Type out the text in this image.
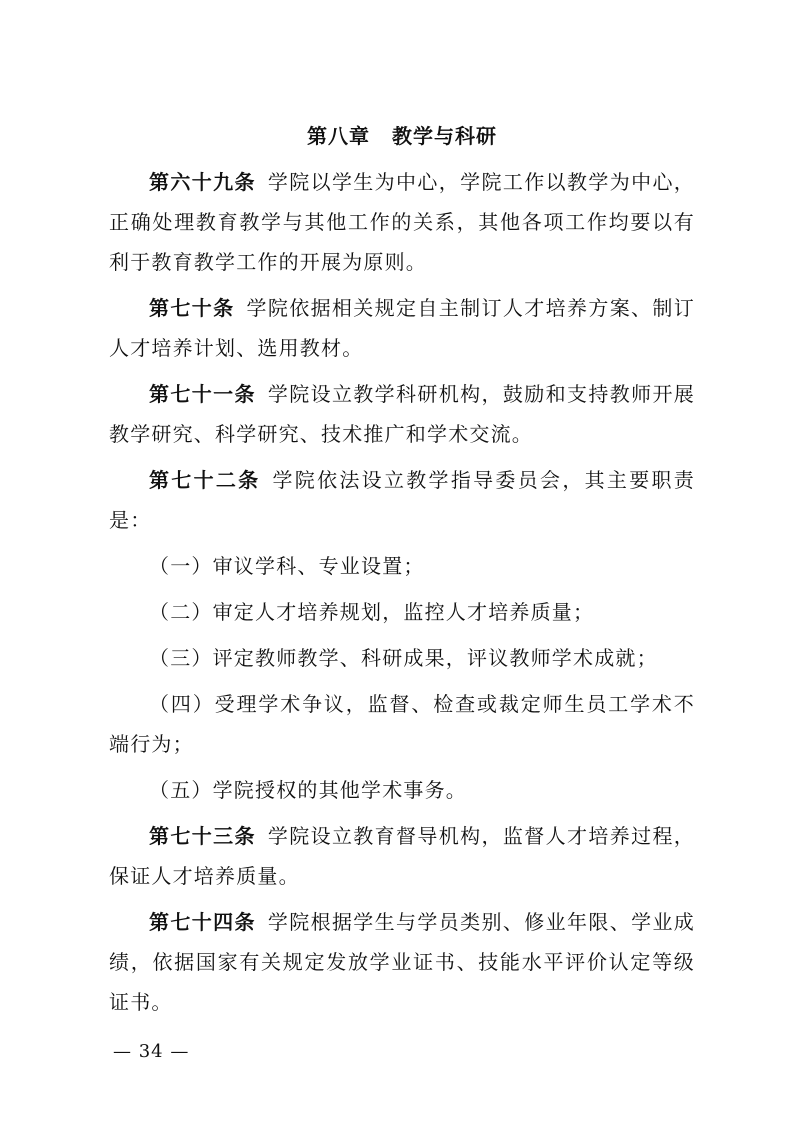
第八章 教学与科研

第六十九条 学院以学生为中心，学院工作以教学为中心，正确处理教育教学与其他工作的关系，其他各项工作均要以有利于教育教学工作的开展为原则。

第七十条 学院依据相关规定自主制订人才培养方案、制订人才培养计划、选用教材。

第七十一条 学院设立教学科研机构，鼓励和支持教师开展教学研究、科学研究、技术推广和学术交流。

第七十二条 学院依法设立教学指导委员会，其主要职责是：

（一）审议学科、专业设置；

（二）审定人才培养规划，监控人才培养质量；

（三）评定教师教学、科研成果，评议教师学术成就；

（四）受理学术争议，监督、检查或裁定师生员工学术不端行为；

（五）学院授权的其他学术事务。

第七十三条 学院设立教育督导机构，监督人才培养过程，保证人才培养质量。

第七十四条 学院根据学生与学员类别、修业年限、学业成绩，依据国家有关规定发放学业证书、技能水平评价认定等级证书。

— 34 —
